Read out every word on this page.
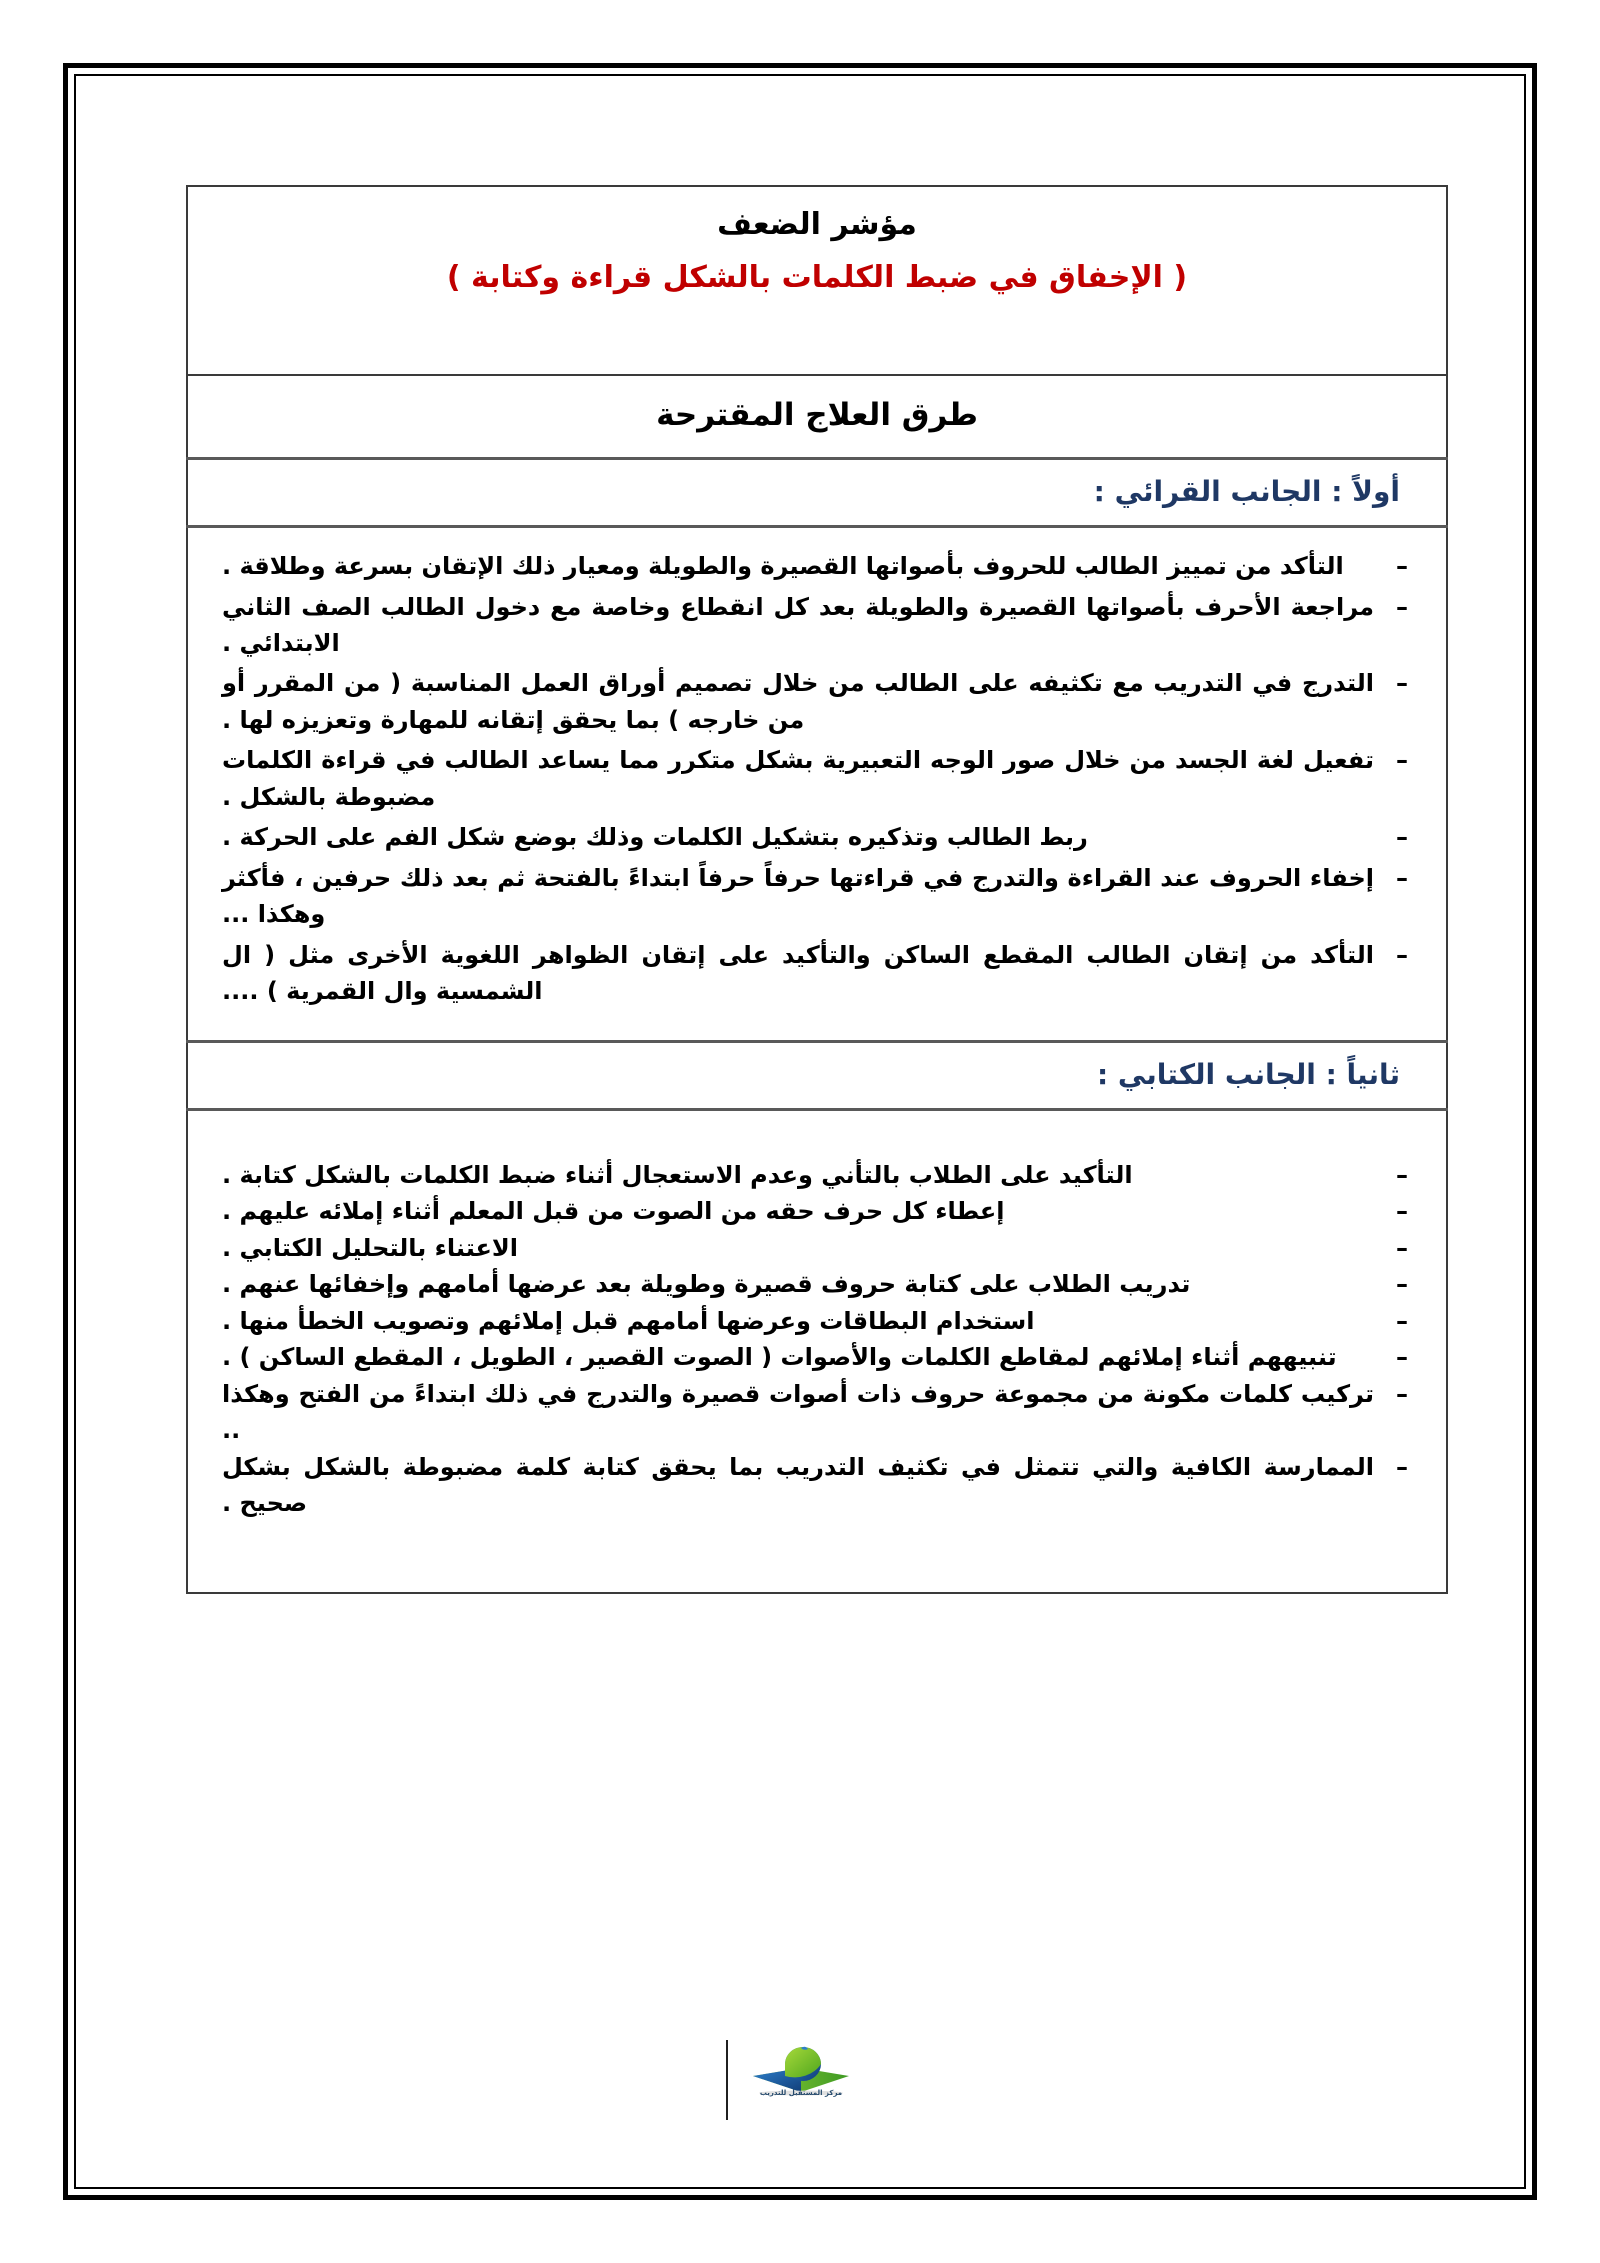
مؤشر الضعف
( الإخفاق في ضبط الكلمات بالشكل قراءة وكتابة )

طرق العلاج المقترحة

أولاً : الجانب القرائي :

– التأكد من تمييز الطالب للحروف بأصواتها القصيرة والطويلة ومعيار ذلك الإتقان بسرعة وطلاقة .
– مراجعة الأحرف بأصواتها القصيرة والطويلة بعد كل انقطاع وخاصة مع دخول الطالب الصف الثاني الابتدائي .
– التدرج في التدريب مع تكثيفه على الطالب من خلال تصميم أوراق العمل المناسبة ( من المقرر أو من خارجه ) بما يحقق إتقانه للمهارة وتعزيزه لها .
– تفعيل لغة الجسد من خلال صور الوجه التعبيرية بشكل متكرر مما يساعد الطالب في قراءة الكلمات مضبوطة بالشكل .
– ربط الطالب وتذكيره بتشكيل الكلمات وذلك بوضع شكل الفم على الحركة .
– إخفاء الحروف عند القراءة والتدرج في قراءتها حرفاً حرفاً ابتداءً بالفتحة ثم بعد ذلك حرفين ، فأكثر وهكذا ...
– التأكد من إتقان الطالب المقطع الساكن والتأكيد على إتقان الظواهر اللغوية الأخرى مثل ( ال الشمسية وال القمرية ) ....

ثانياً : الجانب الكتابي :

– التأكيد على الطلاب بالتأني وعدم الاستعجال أثناء ضبط الكلمات بالشكل كتابة .
– إعطاء كل حرف حقه من الصوت من قبل المعلم أثناء إملائه عليهم .
– الاعتناء بالتحليل الكتابي .
– تدريب الطلاب على كتابة حروف قصيرة وطويلة بعد عرضها أمامهم وإخفائها عنهم .
– استخدام البطاقات وعرضها أمامهم قبل إملائهم وتصويب الخطأ منها .
– تنبيههم أثناء إملائهم لمقاطع الكلمات والأصوات ( الصوت القصير ، الطويل ، المقطع الساكن ) .
– تركيب كلمات مكونة من مجموعة حروف ذات أصوات قصيرة والتدرج في ذلك ابتداءً من الفتح وهكذا ..
– الممارسة الكافية والتي تتمثل في تكثيف التدريب بما يحقق كتابة كلمة مضبوطة بالشكل بشكل صحيح .
مركز المستقبل للتدريب
